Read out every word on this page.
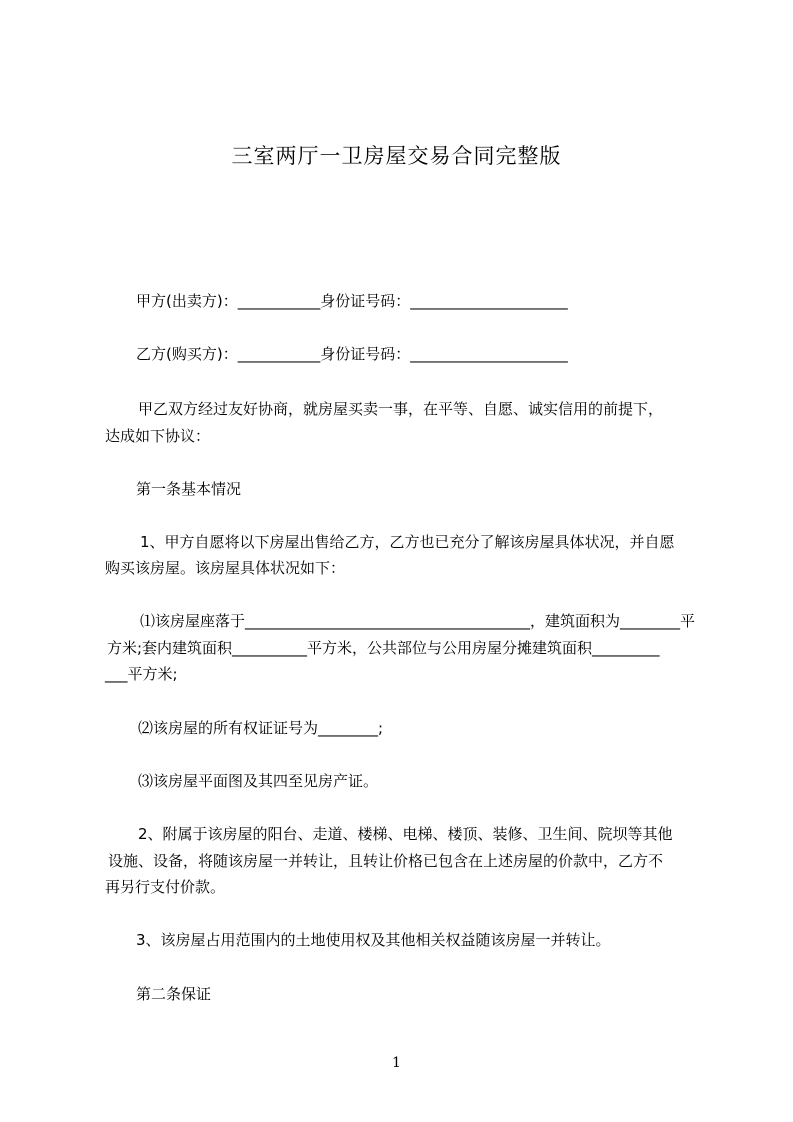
三室两厅一卫房屋交易合同完整版
甲方(出卖方)：___________身份证号码：_____________________
乙方(购买方)：___________身份证号码：_____________________
甲乙双方经过友好协商，就房屋买卖一事，在平等、自愿、诚实信用的前提下，
达成如下协议：
第一条基本情况
1、甲方自愿将以下房屋出售给乙方，乙方也已充分了解该房屋具体状况，并自愿
购买该房屋。该房屋具体状况如下：
⑴该房屋座落于______________________________________，建筑面积为________平
方米;套内建筑面积__________平方米，公共部位与公用房屋分摊建筑面积_________
___平方米;
⑵该房屋的所有权证证号为________;
⑶该房屋平面图及其四至见房产证。
2、附属于该房屋的阳台、走道、楼梯、电梯、楼顶、装修、卫生间、院坝等其他
设施、设备，将随该房屋一并转让，且转让价格已包含在上述房屋的价款中，乙方不
再另行支付价款。
3、该房屋占用范围内的土地使用权及其他相关权益随该房屋一并转让。
第二条保证
1
